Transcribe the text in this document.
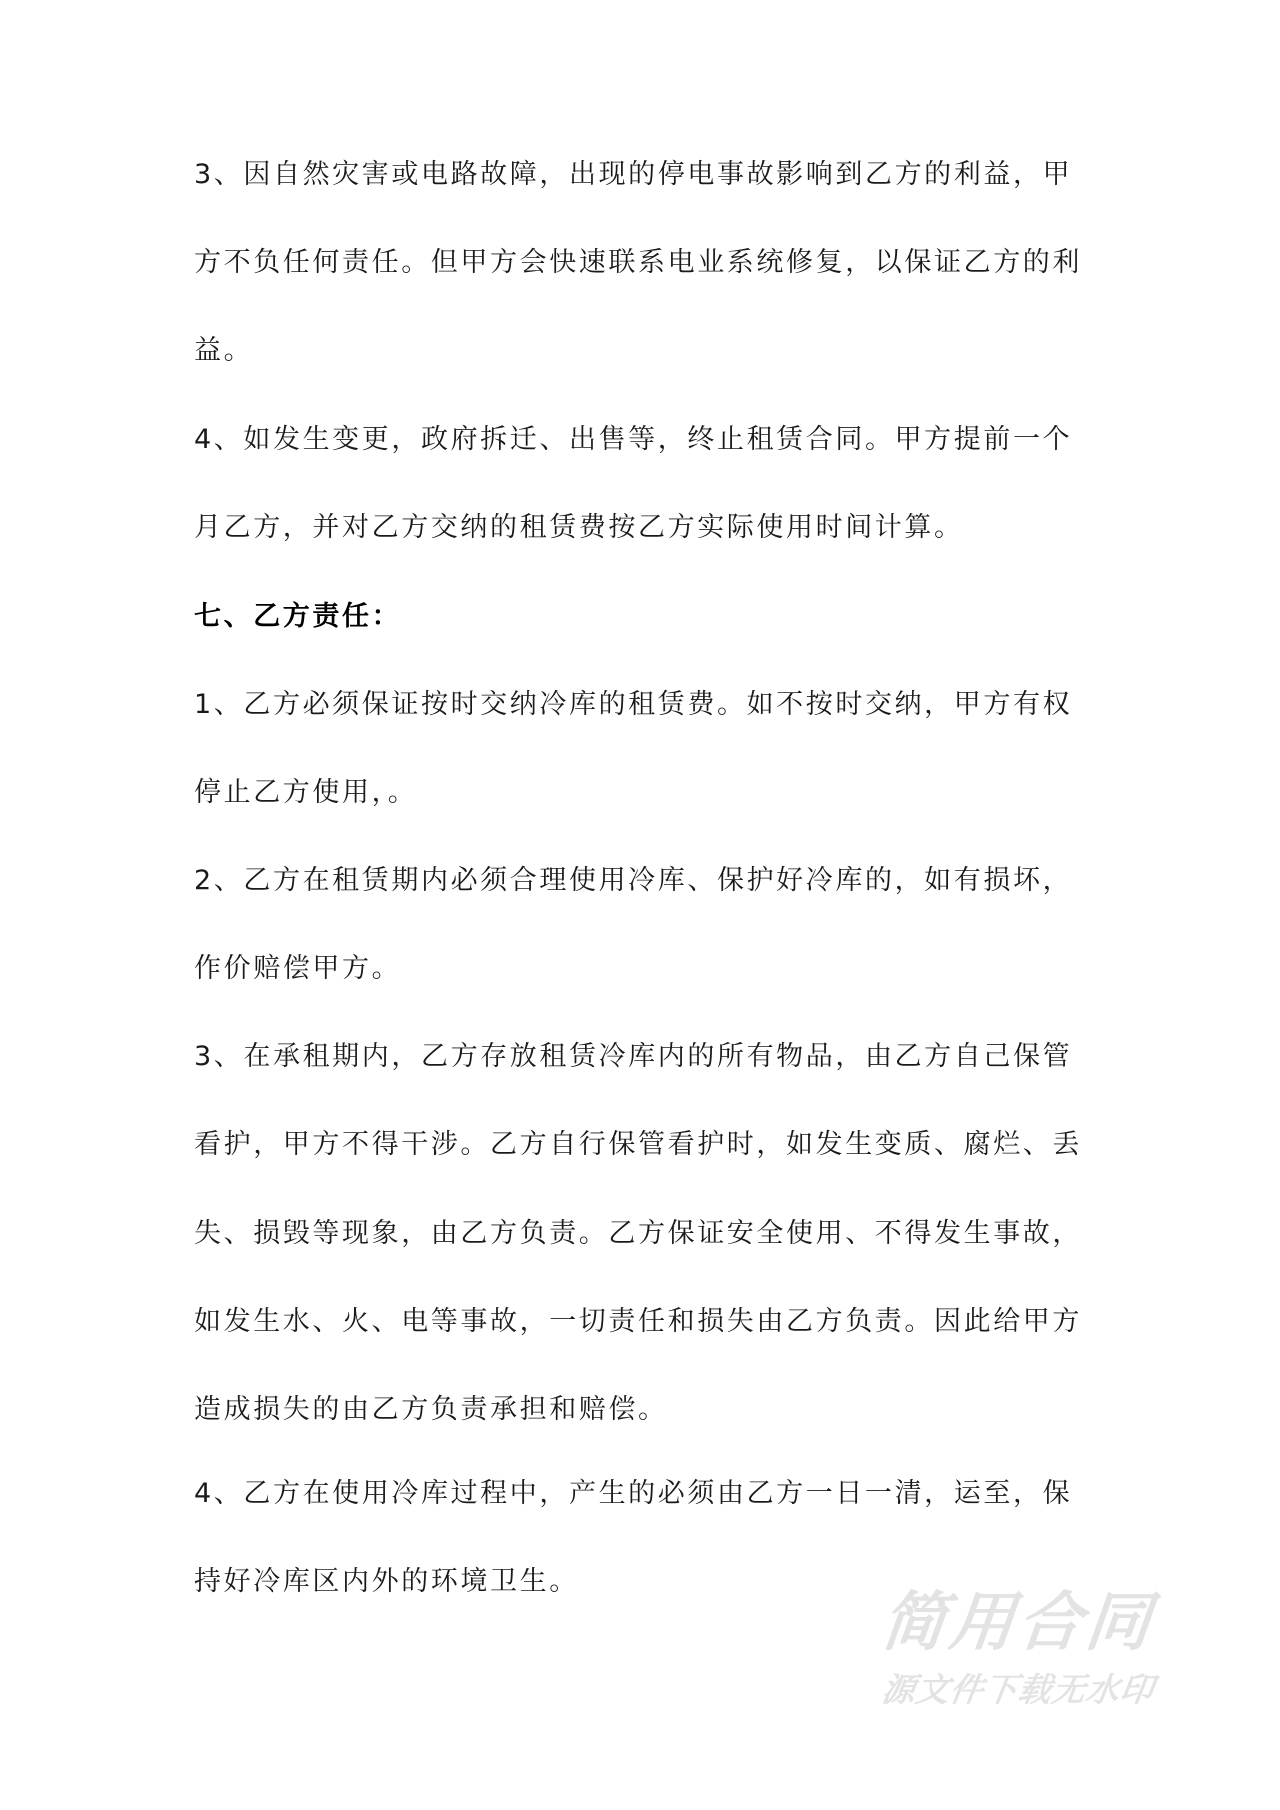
3、因自然灾害或电路故障，出现的停电事故影响到乙方的利益，甲
方不负任何责任。但甲方会快速联系电业系统修复，以保证乙方的利
益。
4、如发生变更，政府拆迁、出售等，终止租赁合同。甲方提前一个
月乙方，并对乙方交纳的租赁费按乙方实际使用时间计算。
七、乙方责任：
1、乙方必须保证按时交纳冷库的租赁费。如不按时交纳，甲方有权
停止乙方使用，。
2、乙方在租赁期内必须合理使用冷库、保护好冷库的，如有损坏，
作价赔偿甲方。
3、在承租期内，乙方存放租赁冷库内的所有物品，由乙方自己保管
看护，甲方不得干涉。乙方自行保管看护时，如发生变质、腐烂、丢
失、损毁等现象，由乙方负责。乙方保证安全使用、不得发生事故，
如发生水、火、电等事故，一切责任和损失由乙方负责。因此给甲方
造成损失的由乙方负责承担和赔偿。
4、乙方在使用冷库过程中，产生的必须由乙方一日一清，运至，保
持好冷库区内外的环境卫生。
简用合同
源文件下载无水印
